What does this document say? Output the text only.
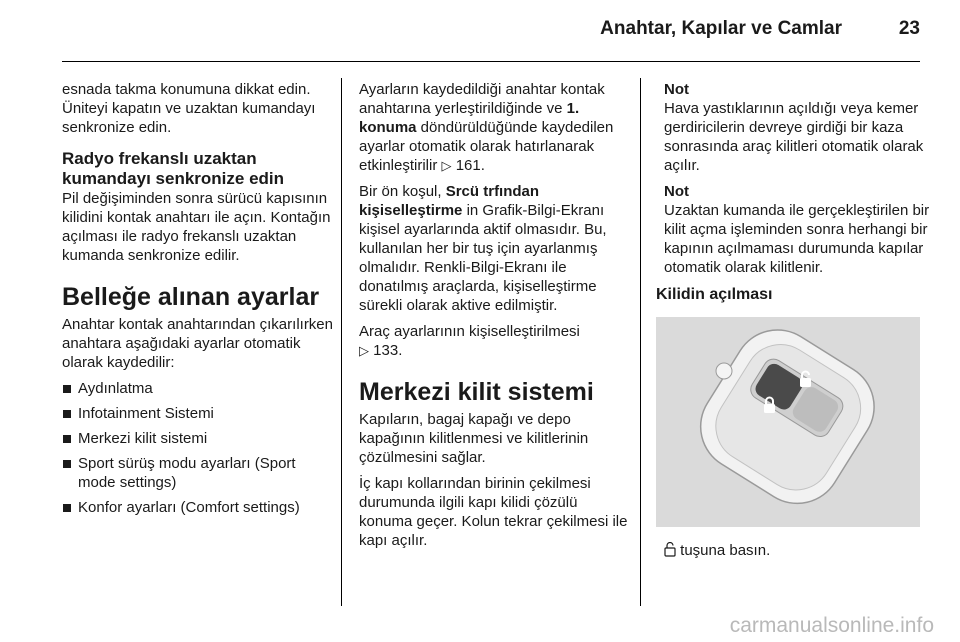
Anahtar, Kapılar ve Camlar	23

esnada takma konumuna dikkat edin. Üniteyi kapatın ve uzaktan kumandayı senkronize edin.

Radyo frekanslı uzaktan kumandayı senkronize edin

Pil değişiminden sonra sürücü kapısının kilidini kontak anahtarı ile açın. Kontağın açılması ile radyo frekanslı uzaktan kumanda senkronize edilir.

Belleğe alınan ayarlar

Anahtar kontak anahtarından çıkarılırken anahtara aşağıdaki ayarlar otomatik olarak kaydedilir:

Aydınlatma
Infotainment Sistemi
Merkezi kilit sistemi
Sport sürüş modu ayarları (Sport mode settings)
Konfor ayarları (Comfort settings)

Ayarların kaydedildiği anahtar kontak anahtarına yerleştirildiğinde ve 1. konuma döndürüldüğünde kaydedilen ayarlar otomatik olarak hatırlanarak etkinleştirilir ▷ 161.

Bir ön koşul, Srcü trfından kişiselleştirme in Grafik-Bilgi-Ekranı kişisel ayarlarında aktif olmasıdır. Bu, kullanılan her bir tuş için ayarlanmış olmalıdır. Renkli-Bilgi-Ekranı ile donatılmış araçlarda, kişiselleştirme sürekli olarak aktive edilmiştir.

Araç ayarlarının kişiselleştirilmesi
▷ 133.

Merkezi kilit sistemi

Kapıların, bagaj kapağı ve depo kapağının kilitlenmesi ve kilitlerinin çözülmesini sağlar.

İç kapı kollarından birinin çekilmesi durumunda ilgili kapı kilidi çözülü konuma geçer. Kolun tekrar çekilmesi ile kapı açılır.

Not

Hava yastıklarının açıldığı veya kemer gerdiricilerin devreye girdiği bir kaza sonrasında araç kilitleri otomatik olarak açılır.

Not

Uzaktan kumanda ile gerçekleştirilen bir kilit açma işleminden sonra herhangi bir kapının açılmaması durumunda kapılar otomatik olarak kilitlenir.

Kilidin açılması
tuşuna basın.
carmanualsonline.info
